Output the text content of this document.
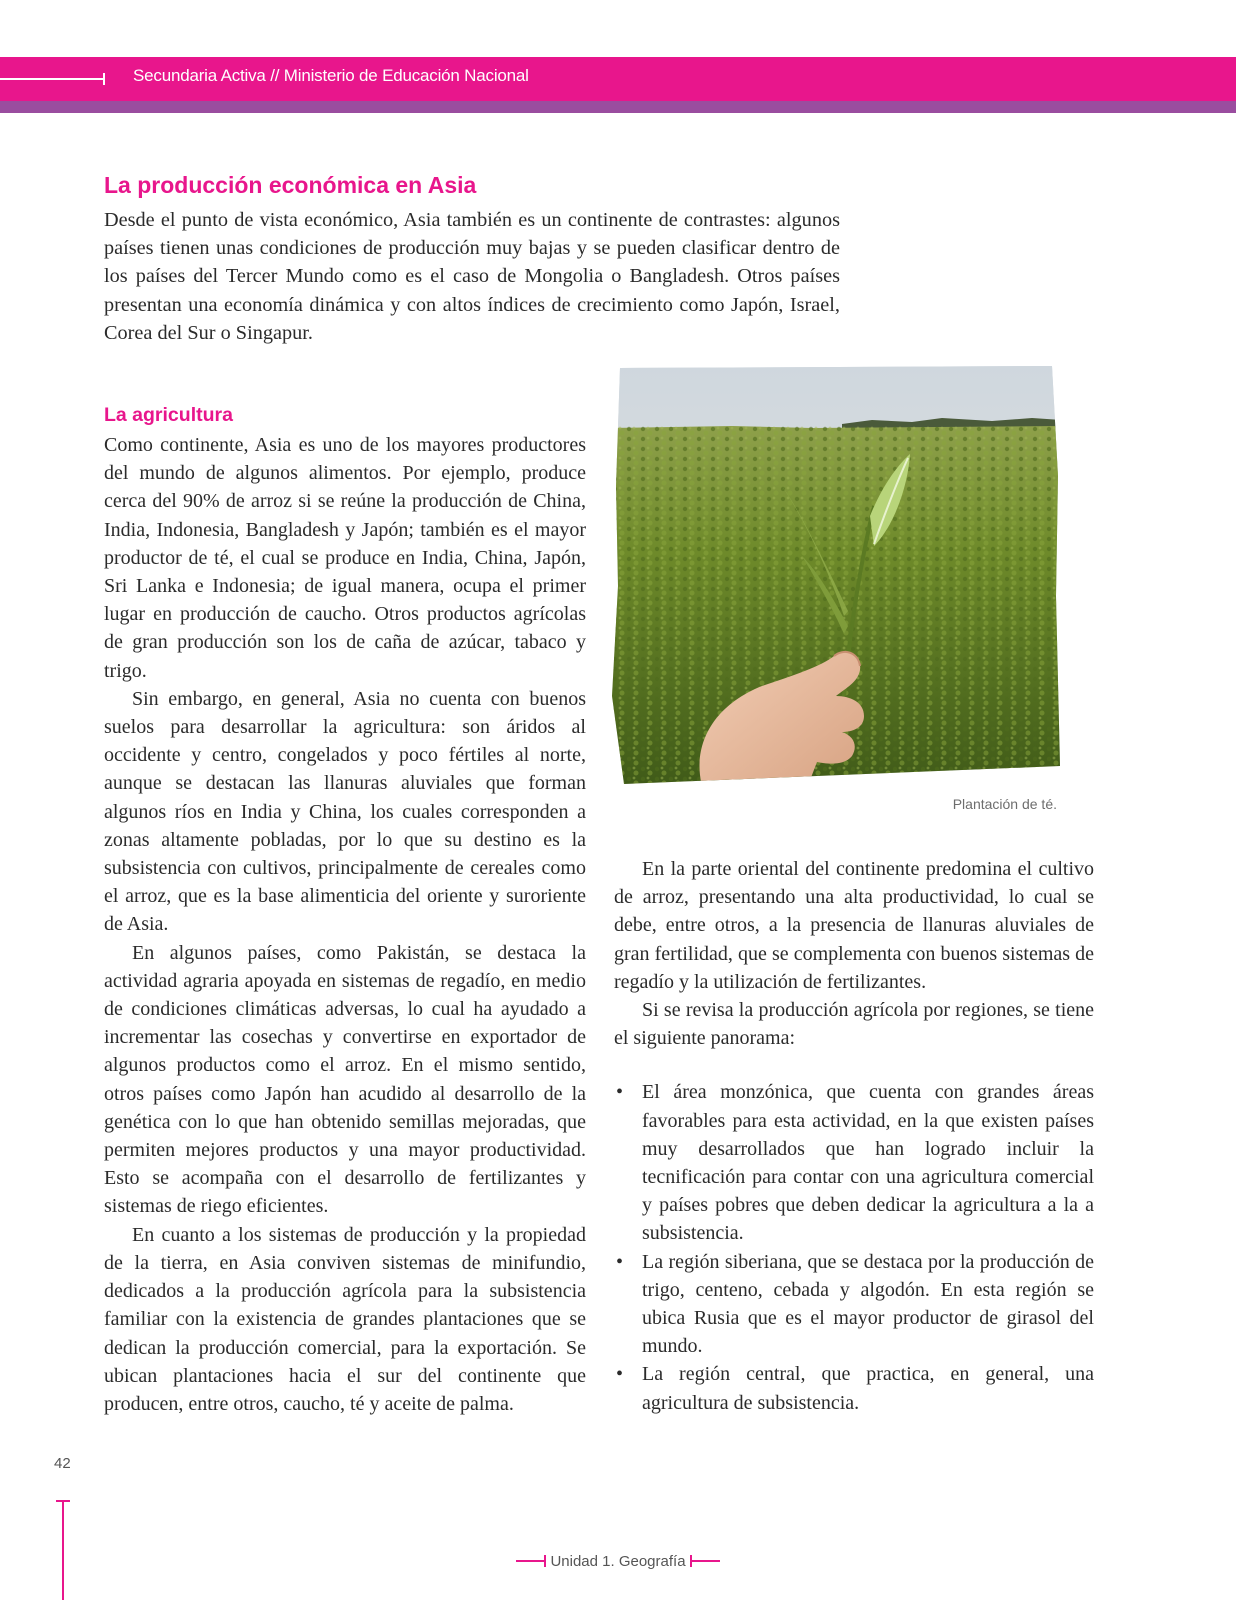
Secundaria Activa // Ministerio de Educación Nacional
La producción económica en Asia

Desde el punto de vista económico, Asia también es un continente de contrastes: algunos países tienen unas condiciones de producción muy bajas y se pueden clasificar dentro de los países del Tercer Mundo como es el caso de Mongolia o Bangladesh. Otros países presentan una economía dinámica y con altos índices de crecimiento como Japón, Israel, Corea del Sur o Singapur.

La agricultura

Como continente, Asia es uno de los mayores productores del mundo de algunos alimentos. Por ejemplo, produce cerca del 90% de arroz si se reúne la producción de China, India, Indonesia, Bangladesh y Japón; también es el mayor productor de té, el cual se produce en India, China, Japón, Sri Lanka e Indonesia; de igual manera, ocupa el primer lugar en producción de caucho. Otros productos agrícolas de gran producción son los de caña de azúcar, tabaco y trigo.

Sin embargo, en general, Asia no cuenta con buenos suelos para desarrollar la agricultura: son áridos al occidente y centro, congelados y poco fértiles al norte, aunque se destacan las llanuras aluviales que forman algunos ríos en India y China, los cuales corresponden a zonas altamente pobladas, por lo que su destino es la subsistencia con cultivos, principalmente de cereales como el arroz, que es la base alimenticia del oriente y suroriente de Asia.

En algunos países, como Pakistán, se destaca la actividad agraria apoyada en sistemas de regadío, en medio de condiciones climáticas adversas, lo cual ha ayudado a incrementar las cosechas y convertirse en exportador de algunos productos como el arroz. En el mismo sentido, otros países como Japón han acudido al desarrollo de la genética con lo que han obtenido semillas mejoradas, que permiten mejores productos y una mayor productividad. Esto se acompaña con el desarrollo de fertilizantes y sistemas de riego eficientes.

En cuanto a los sistemas de producción y la propiedad de la tierra, en Asia conviven sistemas de minifundio, dedicados a la producción agrícola para la subsistencia familiar con la existencia de grandes plantaciones que se dedican la producción comercial, para la exportación. Se ubican plantaciones hacia el sur del continente que producen, entre otros, caucho, té y aceite de palma.

Plantación de té.

En la parte oriental del continente predomina el cultivo de arroz, presentando una alta productividad, lo cual se debe, entre otros, a la presencia de llanuras aluviales de gran fertilidad, que se complementa con buenos sistemas de regadío y la utilización de fertilizantes.

Si se revisa la producción agrícola por regiones, se tiene el siguiente panorama:

• El área monzónica, que cuenta con grandes áreas favorables para esta actividad, en la que existen países muy desarrollados que han logrado incluir la tecnificación para contar con una agricultura comercial y países pobres que deben dedicar la agricultura a la a subsistencia.
• La región siberiana, que se destaca por la producción de trigo, centeno, cebada y algodón. En esta región se ubica Rusia que es el mayor productor de girasol del mundo.
• La región central, que practica, en general, una agricultura de subsistencia.
42
Unidad 1. Geografía
